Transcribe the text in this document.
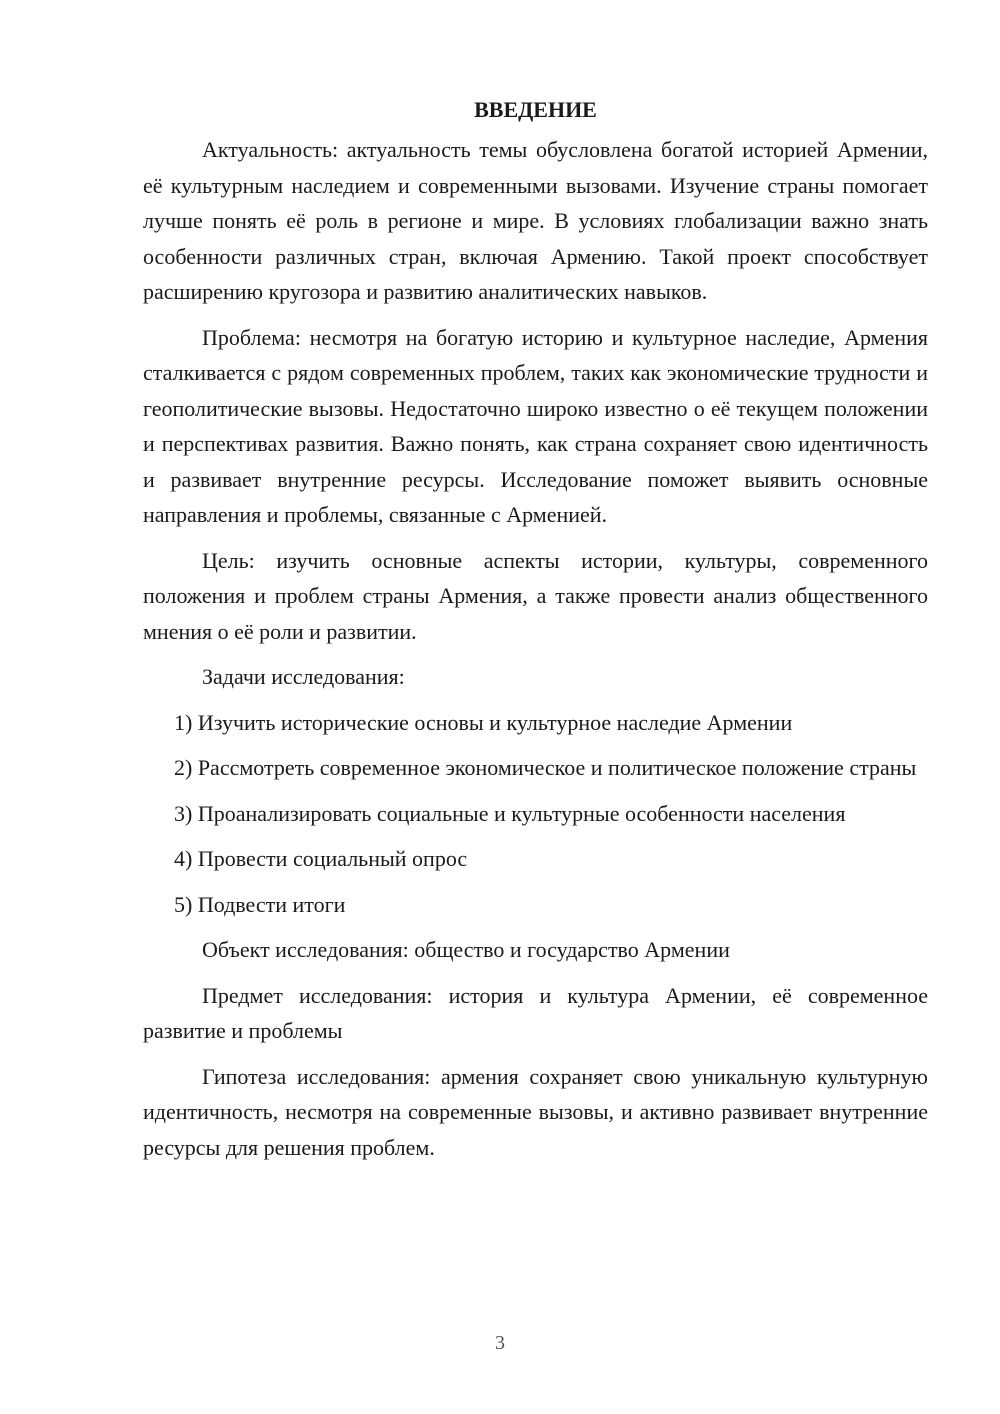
ВВЕДЕНИЕ

Актуальность: актуальность темы обусловлена богатой историей Армении, её культурным наследием и современными вызовами. Изучение страны помогает лучше понять её роль в регионе и мире. В условиях глобализации важно знать особенности различных стран, включая Армению. Такой проект способствует расширению кругозора и развитию аналитических навыков.

Проблема: несмотря на богатую историю и культурное наследие, Армения сталкивается с рядом современных проблем, таких как экономические трудности и геополитические вызовы. Недостаточно широко известно о её текущем положении и перспективах развития. Важно понять, как страна сохраняет свою идентичность и развивает внутренние ресурсы. Исследование поможет выявить основные направления и проблемы, связанные с Арменией.

Цель: изучить основные аспекты истории, культуры, современного положения и проблем страны Армения, а также провести анализ общественного мнения о её роли и развитии.

Задачи исследования:

1) Изучить исторические основы и культурное наследие Армении

2) Рассмотреть современное экономическое и политическое положение страны

3) Проанализировать социальные и культурные особенности населения

4) Провести социальный опрос

5) Подвести итоги

Объект исследования: общество и государство Армении

Предмет исследования: история и культура Армении, её современное развитие и проблемы

Гипотеза исследования: армения сохраняет свою уникальную культурную идентичность, несмотря на современные вызовы, и активно развивает внутренние ресурсы для решения проблем.

3
